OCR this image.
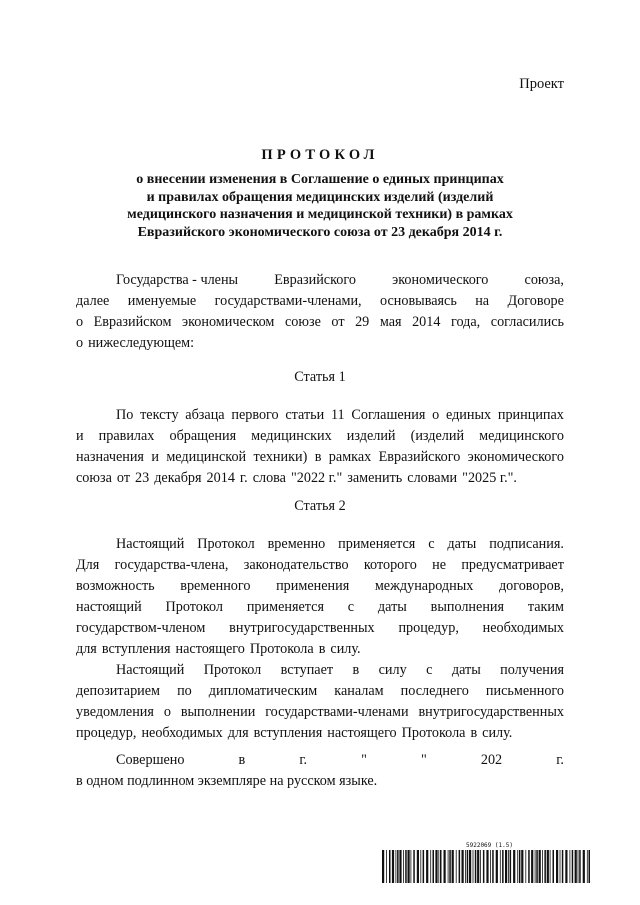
Проект
ПРОТОКОЛ
о внесении изменения в Соглашение о единых принципах
и правилах обращения медицинских изделий (изделий
медицинского назначения и медицинской техники) в рамках
Евразийского экономического союза от 23 декабря 2014 г.
Государства - члены	Евразийского	экономического	союза,
далее именуемые государствами-членами, основываясь на Договоре
о Евразийском экономическом союзе от 29 мая 2014 года, согласились
о нижеследующем:
Статья 1
По тексту абзаца первого статьи 11 Соглашения о единых принципах
и правилах обращения медицинских изделий (изделий медицинского
назначения и медицинской техники) в рамках Евразийского экономического
союза от 23 декабря 2014 г. слова "2022 г." заменить словами "2025 г.".
Статья 2
Настоящий Протокол временно применяется с даты подписания.
Для государства-члена, законодательство которого не предусматривает
возможность временного применения международных договоров,
настоящий Протокол применяется с даты выполнения таким
государством-членом внутригосударственных процедур, необходимых
для вступления настоящего Протокола в силу.
Настоящий Протокол вступает в силу с даты получения
депозитарием по дипломатическим каналам последнего письменного
уведомления о выполнении государствами-членами внутригосударственных
процедур, необходимых для вступления настоящего Протокола в силу.
Совершено	в	г.	"	"	202	г.
в одном подлинном экземпляре на русском языке.
5922069 (1.5)
